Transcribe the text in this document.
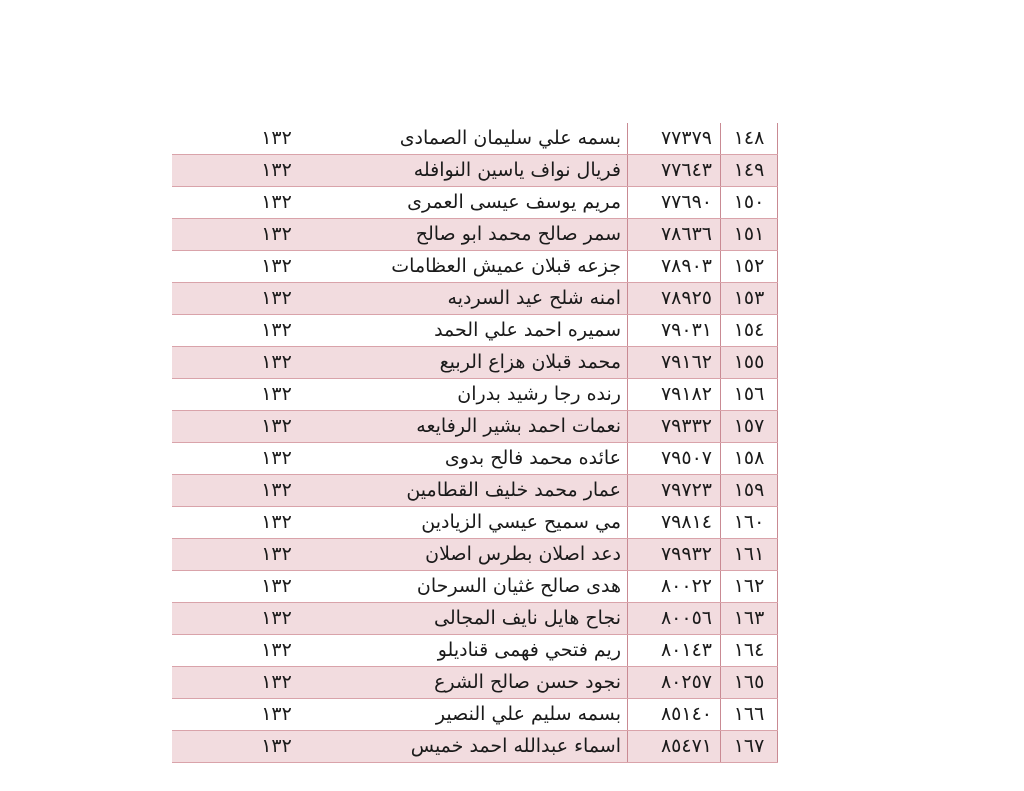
١٤٨	٧٧٣٧٩	بسمه علي سليمان الصمادى	١٣٢
١٤٩	٧٧٦٤٣	فريال نواف ياسين النوافله	١٣٢
١٥٠	٧٧٦٩٠	مريم يوسف عيسى العمرى	١٣٢
١٥١	٧٨٦٣٦	سمر صالح محمد ابو صالح	١٣٢
١٥٢	٧٨٩٠٣	جزعه قبلان عميش العظامات	١٣٢
١٥٣	٧٨٩٢٥	امنه شلح عيد السرديه	١٣٢
١٥٤	٧٩٠٣١	سميره احمد علي الحمد	١٣٢
١٥٥	٧٩١٦٢	محمد قبلان هزاع الربيع	١٣٢
١٥٦	٧٩١٨٢	رنده رجا رشيد بدران	١٣٢
١٥٧	٧٩٣٣٢	نعمات احمد بشير الرفايعه	١٣٢
١٥٨	٧٩٥٠٧	عائده محمد فالح بدوى	١٣٢
١٥٩	٧٩٧٢٣	عمار محمد خليف القطامين	١٣٢
١٦٠	٧٩٨١٤	مي سميح عيسي الزيادين	١٣٢
١٦١	٧٩٩٣٢	دعد اصلان بطرس اصلان	١٣٢
١٦٢	٨٠٠٢٢	هدى صالح غثيان السرحان	١٣٢
١٦٣	٨٠٠٥٦	نجاح هايل نايف المجالى	١٣٢
١٦٤	٨٠١٤٣	ريم فتحي فهمى قناديلو	١٣٢
١٦٥	٨٠٢٥٧	نجود حسن صالح الشرع	١٣٢
١٦٦	٨٥١٤٠	بسمه سليم علي النصير	١٣٢
١٦٧	٨٥٤٧١	اسماء عبدالله احمد خميس	١٣٢
